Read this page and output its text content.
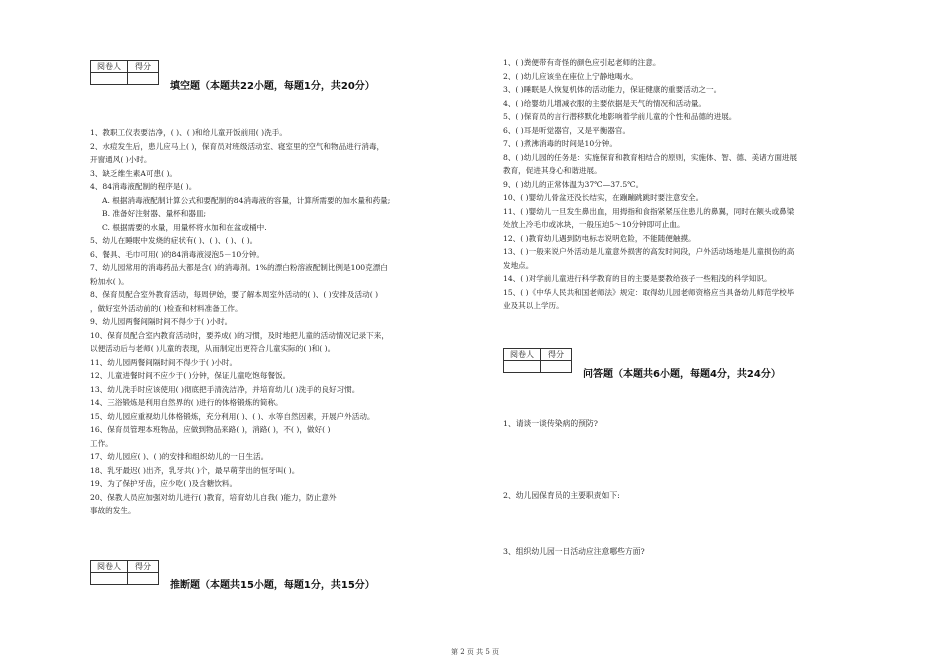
阅卷人	得分

填空题（本题共22小题，每题1分，共20分）

1、教职工仪表要洁净，( )、( )和给儿童开饭前用( )洗手。

2、水痘发生后，患儿应马上( )，保育员对班级活动室、寝室里的空气和物品进行消毒，

开窗通风( )小时。

3、缺乏维生素A可患( )。

4、84消毒液配制的程序是( )。

A. 根据消毒液配制计算公式和要配制的84消毒液的容量，计算所需要的加水量和药量;

B. 准备好注射器、量杯和器皿;

C. 根据需要的水量，用量杯将水加和在盆或桶中.

5、幼儿在睡眠中发烧的症状有( )、( )、( )、( )。

6、餐具、毛巾可用( )的84消毒液浸泡5－10分钟。

7、幼儿园常用的消毒药品大都是含( )的消毒剂。1%的漂白粉溶液配制比例是100克漂白

粉加水( )。

8、保育员配合室外教育活动，每周伊始，要了解本周室外活动的( )、( )安排及活动( )

，做好室外活动前的( )检查和材料准备工作。

9、幼儿园两餐间隔时间不得少于( )小时。

10、保育员配合室内教育活动时，要养成( )的习惯，及时地把儿童的活动情况记录下来，

以便活动后与老师( )儿童的表现，从而制定出更符合儿童实际的( )和( )。

11、幼儿园两餐间隔时间不得少于( )小时。

12、儿童进餐时间不应少于( )分钟，保证儿童吃饱每餐饭。

13、幼儿洗手时应该使用( )彻底把手清洗洁净，并培育幼儿( )洗手的良好习惯。

14、三浴锻炼是利用自然界的( )进行的体格锻炼的简称。

15、幼儿园应重视幼儿体格锻炼，充分利用( )、( )、水等自然因素，开展户外活动。

16、保育员管理本班物品，应做到物品来路( )，消路( )，不( )，做好( )

工作。

17、幼儿园应( )、( )的安排和组织幼儿的一日生活。

18、乳牙最迟( )出齐，乳牙共( )个，最早萌芽出的恒牙叫( )。

19、为了保护牙齿，应少吃( )及含糖饮料。

20、保教人员应加强对幼儿进行( )教育，培育幼儿自我( )能力，防止意外

事故的发生。

阅卷人	得分

推断题（本题共15小题，每题1分，共15分）

1、( )粪便带有奇怪的颜色应引起老师的注意。

2、( )幼儿应该坐在座位上宁静地喝水。

3、( )睡眠是人恢复机体的活动能力，保证健康的重要活动之一。

4、( )给婴幼儿增减衣服的主要依据是天气的情况和活动量。

5、( )保育员的言行潜移默化地影响着学前儿童的个性和品德的进展。

6、( )耳是听觉器官，又是平衡器官。

7、( )煮沸消毒的时间是10分钟。

8、( )幼儿园的任务是：实施保育和教育相结合的原则，实施体、智、德、美诸方面进展

教育，促进其身心和谐进展。

9、( )幼儿的正常体温为37℃—37.5℃。

10、( )婴幼儿骨盆还没长结实，在蹦蹦跳跳时要注意安全。

11、( )婴幼儿一旦发生鼻出血，用拇指和食指紧紧压住患儿的鼻翼，同时在额头或鼻梁

处放上冷毛巾或冰块，一般压迫5～10分钟即可止血。

12、( )教育幼儿遇到防电标志说明危险，不能随便触摸。

13、( )一般来说户外活动是儿童意外损害的高发时间段，户外活动场地是儿童损伤的高

发地点。

14、( )对学前儿童进行科学教育的目的主要是要教给孩子一些粗浅的科学知识。

15、( )《中华人民共和国老师法》规定：取得幼儿园老师资格应当具备幼儿师范学校毕

业及其以上学历。

阅卷人	得分

问答题（本题共6小题，每题4分，共24分）
1、请谈一谈传染病的预防?
2、幼儿园保育员的主要职责如下:
3、组织幼儿园一日活动应注意哪些方面?
第 2 页 共 5 页
